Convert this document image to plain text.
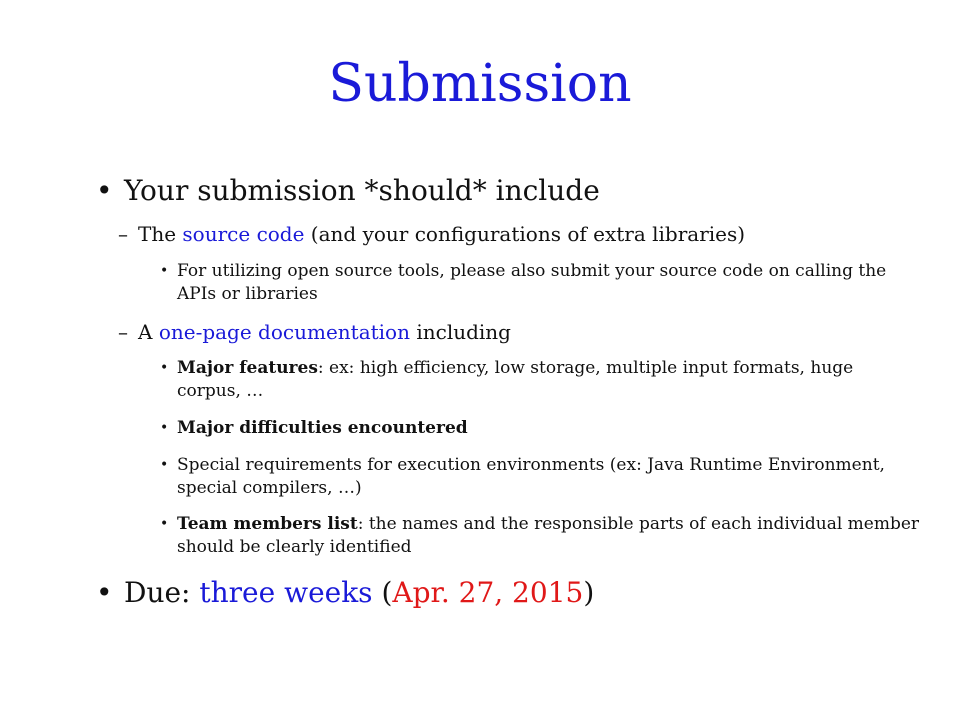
Submission
• Your submission *should* include
– The source code (and your configurations of extra libraries)
• For utilizing open source tools, please also submit your source code on calling the APIs or libraries
– A one-page documentation including
• Major features: ex: high efficiency, low storage, multiple input formats, huge corpus, …
• Major difficulties encountered
• Special requirements for execution environments (ex: Java Runtime Environment, special compilers, …)
• Team members list: the names and the responsible parts of each individual member should be clearly identified
• Due: three weeks (Apr. 27, 2015)
